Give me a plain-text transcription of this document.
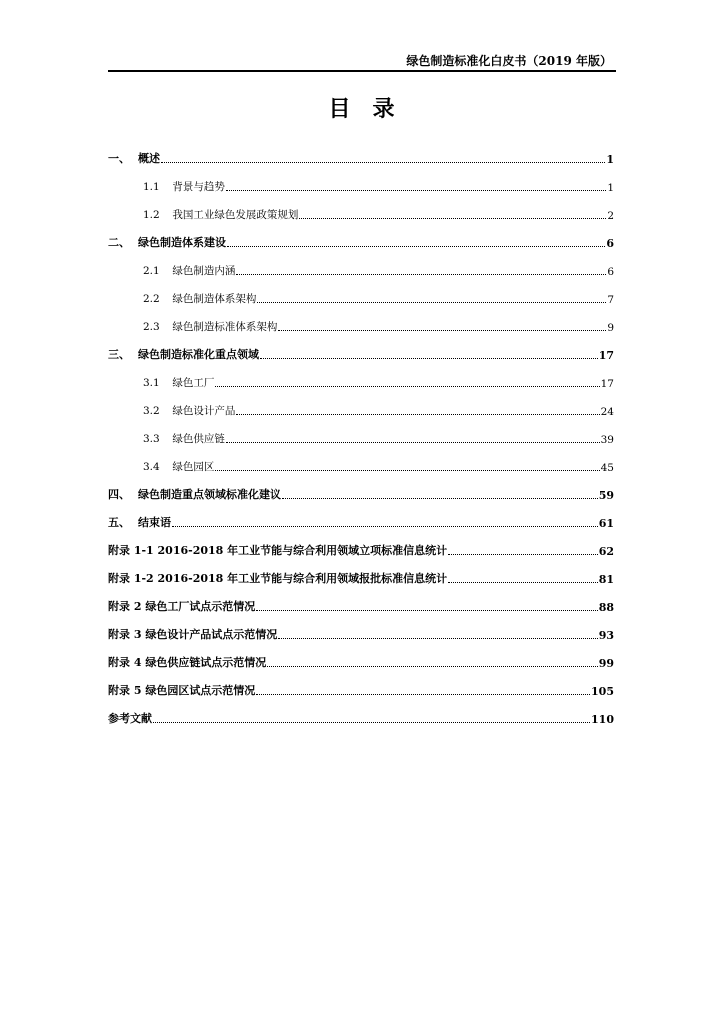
绿色制造标准化白皮书（2019 年版）
目录
一、 概述	1
1.1 背景与趋势	1
1.2 我国工业绿色发展政策规划	2
二、 绿色制造体系建设	6
2.1 绿色制造内涵	6
2.2 绿色制造体系架构	7
2.3 绿色制造标准体系架构	9
三、 绿色制造标准化重点领域	17
3.1 绿色工厂	17
3.2 绿色设计产品	24
3.3 绿色供应链	39
3.4 绿色园区	45
四、 绿色制造重点领域标准化建议	59
五、 结束语	61
附录 1-1 2016-2018 年工业节能与综合利用领域立项标准信息统计	62
附录 1-2 2016-2018 年工业节能与综合利用领域报批标准信息统计	81
附录 2 绿色工厂试点示范情况	88
附录 3 绿色设计产品试点示范情况	93
附录 4 绿色供应链试点示范情况	99
附录 5 绿色园区试点示范情况	105
参考文献	110
